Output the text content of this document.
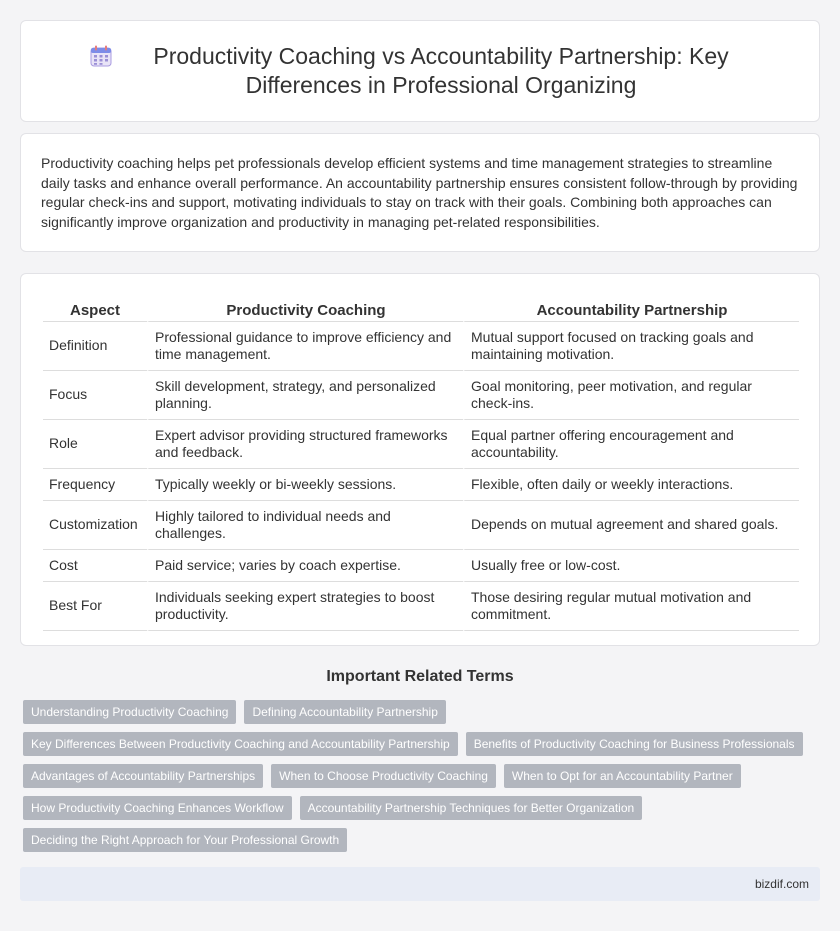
Productivity Coaching vs Accountability Partnership: Key Differences in Professional Organizing

Productivity coaching helps pet professionals develop efficient systems and time management strategies to streamline daily tasks and enhance overall performance. An accountability partnership ensures consistent follow-through by providing regular check-ins and support, motivating individuals to stay on track with their goals. Combining both approaches can significantly improve organization and productivity in managing pet-related responsibilities.

Aspect	Productivity Coaching	Accountability Partnership
Definition	Professional guidance to improve efficiency and time management.	Mutual support focused on tracking goals and maintaining motivation.
Focus	Skill development, strategy, and personalized planning.	Goal monitoring, peer motivation, and regular check-ins.
Role	Expert advisor providing structured frameworks and feedback.	Equal partner offering encouragement and accountability.
Frequency	Typically weekly or bi-weekly sessions.	Flexible, often daily or weekly interactions.
Customization	Highly tailored to individual needs and challenges.	Depends on mutual agreement and shared goals.
Cost	Paid service; varies by coach expertise.	Usually free or low-cost.
Best For	Individuals seeking expert strategies to boost productivity.	Those desiring regular mutual motivation and commitment.
Important Related Terms
Understanding Productivity Coaching	Defining Accountability Partnership
Key Differences Between Productivity Coaching and Accountability Partnership	Benefits of Productivity Coaching for Business Professionals
Advantages of Accountability Partnerships	When to Choose Productivity Coaching	When to Opt for an Accountability Partner
How Productivity Coaching Enhances Workflow	Accountability Partnership Techniques for Better Organization
Deciding the Right Approach for Your Professional Growth
bizdif.com
